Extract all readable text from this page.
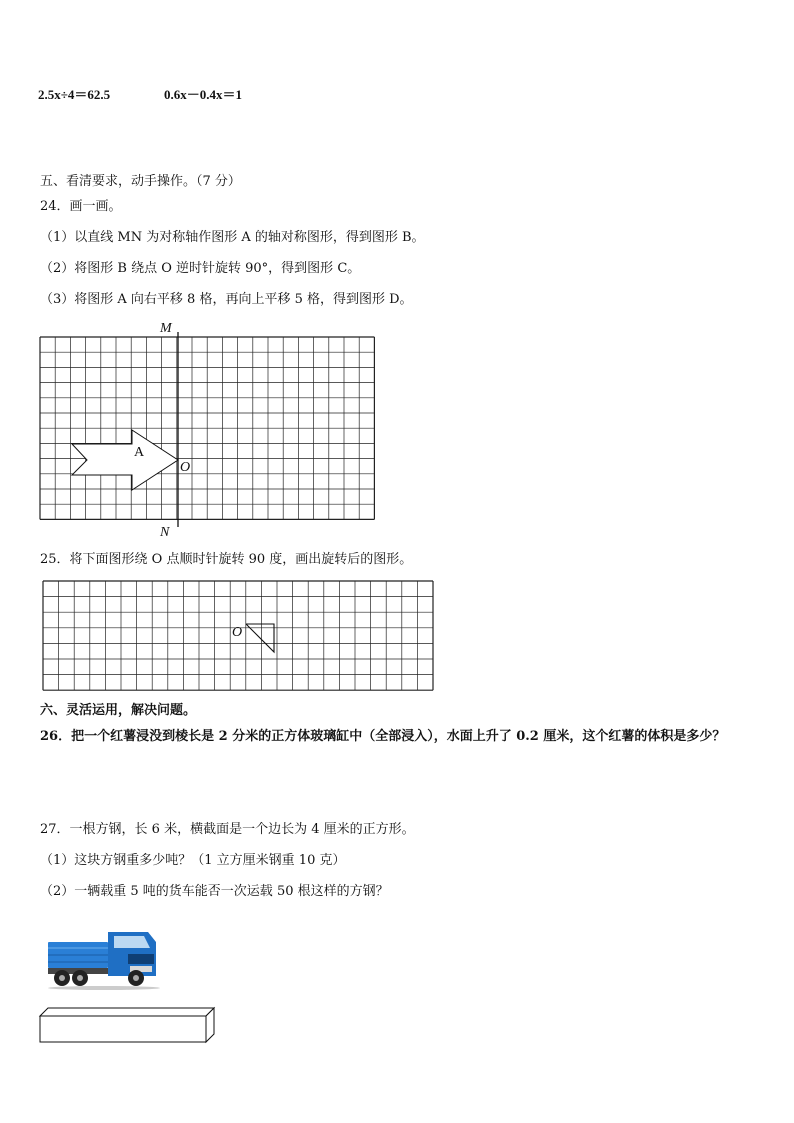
2.5x÷4＝62.5	0.6x－0.4x＝1
五、看清要求，动手操作。（7 分）
24．画一画。
（1）以直线 MN 为对称轴作图形 A 的轴对称图形，得到图形 B。
（2）将图形 B 绕点 O 逆时针旋转 90°，得到图形 C。
（3）将图形 A 向右平移 8 格，再向上平移 5 格，得到图形 D。
M
N
O
A
25．将下面图形绕 O 点顺时针旋转 90 度，画出旋转后的图形。
O
六、灵活运用，解决问题。
26．把一个红薯浸没到棱长是 2 分米的正方体玻璃缸中（全部浸入），水面上升了 0.2 厘米，这个红薯的体积是多少？
27．一根方钢，长 6 米，横截面是一个边长为 4 厘米的正方形。
（1）这块方钢重多少吨？（1 立方厘米钢重 10 克）
（2）一辆载重 5 吨的货车能否一次运载 50 根这样的方钢？
